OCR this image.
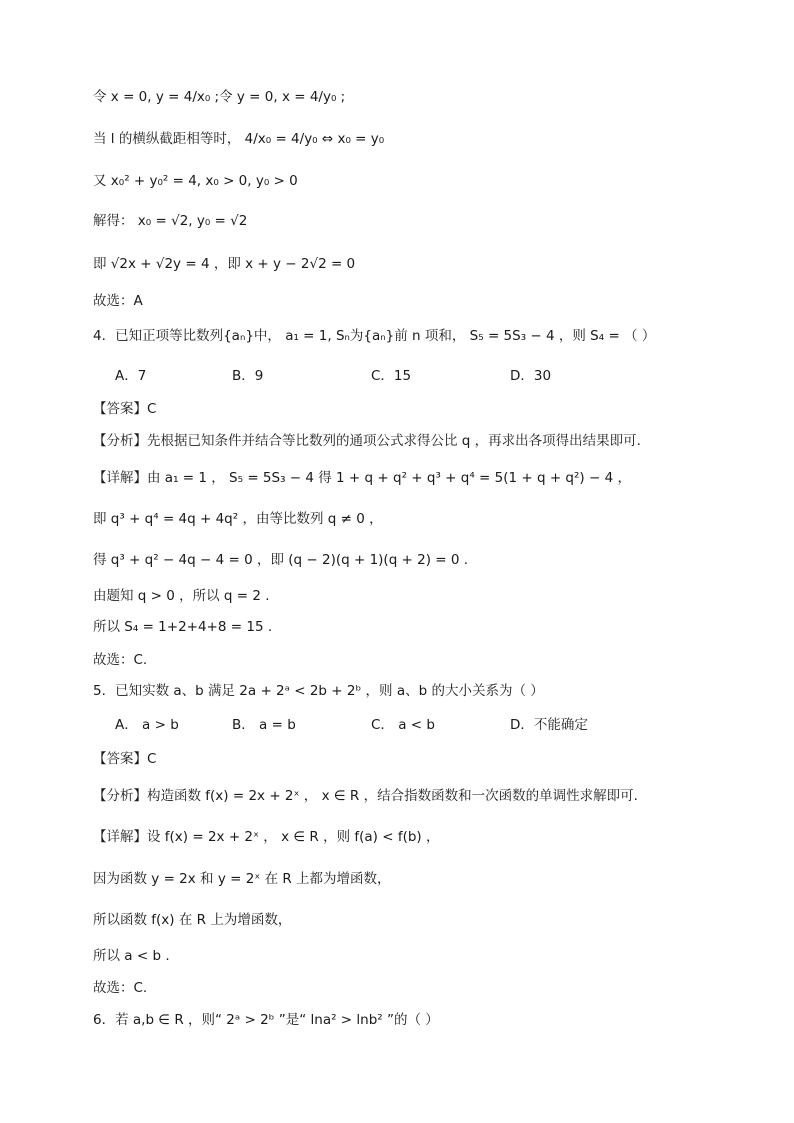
令 x = 0, y = 4/x₀ ;令 y = 0, x = 4/y₀ ;
当 l 的横纵截距相等时， 4/x₀ = 4/y₀ ⇔ x₀ = y₀
又 x₀² + y₀² = 4, x₀ > 0, y₀ > 0
解得： x₀ = √2, y₀ = √2
即 √2x + √2y = 4 ，即 x + y − 2√2 = 0
故选：A
4．已知正项等比数列{aₙ}中， a₁ = 1, Sₙ为{aₙ}前 n 项和， S₅ = 5S₃ − 4 ，则 S₄ = （ ）
A．7	B．9	C．15	D．30
【答案】C
【分析】先根据已知条件并结合等比数列的通项公式求得公比 q ，再求出各项得出结果即可.
【详解】由 a₁ = 1 ， S₅ = 5S₃ − 4 得 1 + q + q² + q³ + q⁴ = 5(1 + q + q²) − 4 ，
即 q³ + q⁴ = 4q + 4q² ，由等比数列 q ≠ 0 ，
得 q³ + q² − 4q − 4 = 0 ，即 (q − 2)(q + 1)(q + 2) = 0 .
由题知 q > 0 ，所以 q = 2 .
所以 S₄ = 1+2+4+8 = 15 .
故选：C.
5．已知实数 a、b 满足 2a + 2ᵃ < 2b + 2ᵇ ，则 a、b 的大小关系为（ ）
A． a > b	B． a = b	C． a < b	D．不能确定
【答案】C
【分析】构造函数 f(x) = 2x + 2ˣ ， x ∈ R ，结合指数函数和一次函数的单调性求解即可.
【详解】设 f(x) = 2x + 2ˣ ， x ∈ R ，则 f(a) < f(b) ，
因为函数 y = 2x 和 y = 2ˣ 在 R 上都为增函数，
所以函数 f(x) 在 R 上为增函数，
所以 a < b .
故选：C.
6．若 a,b ∈ R ，则“ 2ᵃ > 2ᵇ ”是“ lna² > lnb² ”的（ ）
